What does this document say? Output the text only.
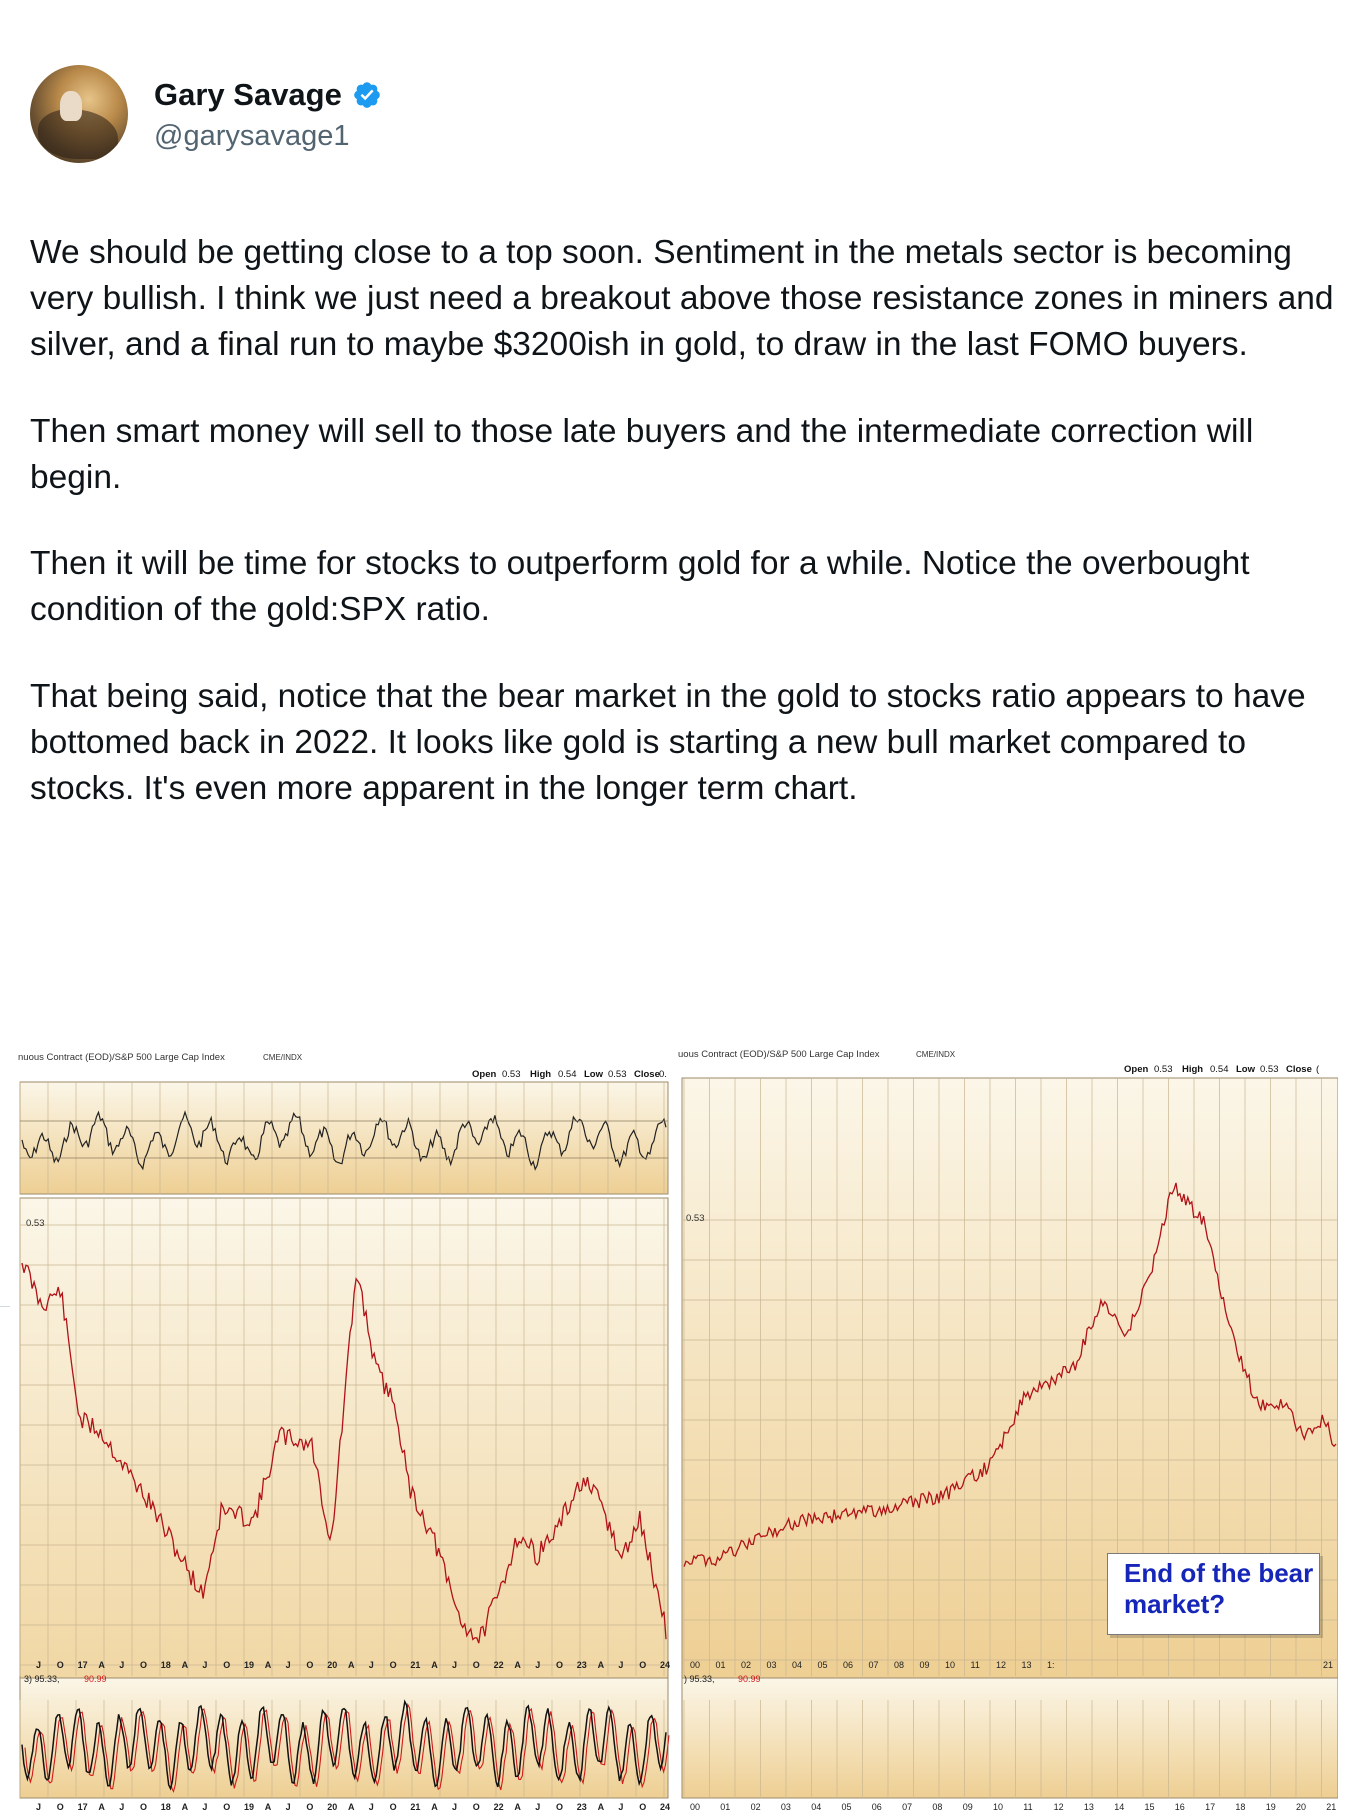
Gary Savage
@garysavage1

We should be getting close to a top soon. Sentiment in the metals sector is becoming very bullish. I think we just need a breakout above those resistance zones in miners and silver, and a final run to maybe $3200ish in gold, to draw in the last FOMO buyers.

Then smart money will sell to those late buyers and the intermediate correction will begin.

Then it will be time for stocks to outperform gold for a while. Notice the overbought condition of the gold:SPX ratio.

That being said, notice that the bear market in the gold to stocks ratio appears to have bottomed back in 2022. It looks like gold is starting a new bull market compared to stocks. It's even more apparent in the longer term chart.

nuous Contract (EOD)/S&P 500 Large Cap Index	CME/INDX
Open 0.53 High 0.54 Low 0.53 Close 0.
0.53
J O 17 A J O 18 A J O 19 A J O 20 A J O 21 A J O 22 A J O 23 A J O 24
3) 95.33,	90.99
J O 17 A J O 18 A J O 19 A J O 20 A J O 21 A J O 22 A J O 23 A J O 24
uous Contract (EOD)/S&P 500 Large Cap Index	CME/INDX
Open 0.53 High 0.54 Low 0.53 Close (
0.53
00 01 02 03 04 05 06 07 08 09 10 11 12 13 1:	21
) 95.33,	90.99
00 01 02 03 04 05 06 07 08 09 10 11 12 13 14 15 16 17 18 19 20 21
End of the bear market?
